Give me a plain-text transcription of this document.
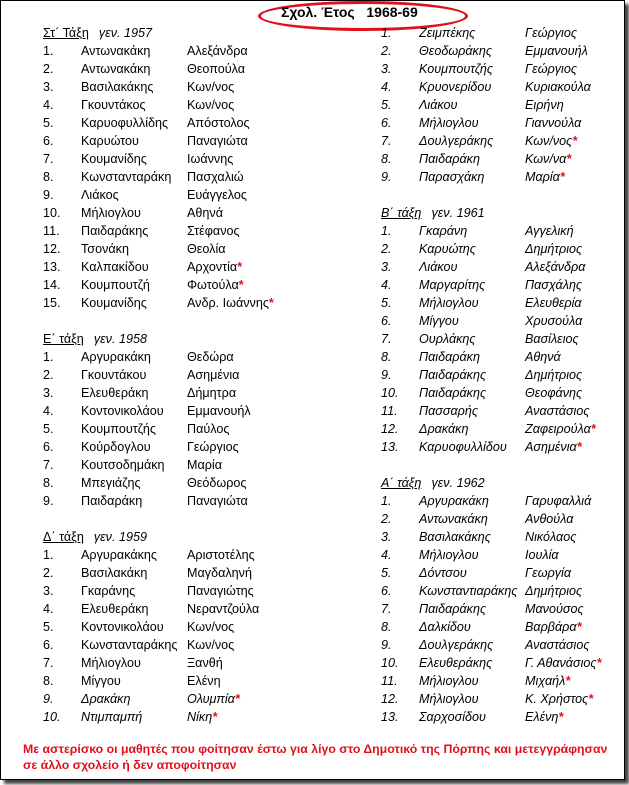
Σχολ. Έτος   1968-69
Στ΄ Τάξη γεν. 1957
1. Αντωνακάκη	Αλεξάνδρα
2. Αντωνακάκη	Θεοπούλα
3. Βασιλακάκης	Κων/νος
4. Γκουντάκος	Κων/νος
5. Καρυοφυλλίδης Απόστολος
6. Καρυώτου	Παναγιώτα
7. Κουμανίδης	Ιωάννης
8. Κωνστανταράκη Πασχαλιώ
9. Λιάκος	Ευάγγελος
10. Μήλιογλου	Αθηνά
11. Παιδαράκης	Στέφανος
12. Τσονάκη	Θεολία
13. Καλπακίδου	Αρχοντία*
14. Κουμπουτζή	Φωτούλα*
15. Κουμανίδης	Ανδρ. Ιωάννης*
Ε΄ τάξη γεν. 1958
1. Αργυρακάκη	Θεδώρα
2. Γκουντάκου	Ασημένια
3. Ελευθεράκη	Δήμητρα
4. Κοντονικολάου Εμμανουήλ
5. Κουμπουτζής Παύλος
6. Κούρδογλου	Γεώργιος
7. Κουτσοδημάκη Μαρία
8. Μπεγιάζης	Θεόδωρος
9. Παιδαράκη	Παναγιώτα
Δ΄ τάξη γεν. 1959
1. Αργυρακάκης Αριστοτέλης
2. Βασιλακάκη	Μαγδαληνή
3. Γκαράνης	Παναγιώτης
4. Ελευθεράκη	Νεραντζούλα
5. Κοντονικολάου Κων/νος
6. Κωνστανταράκης Κων/νος
7. Μήλιογλου	Ξανθή
8. Μίγγου	Ελένη
9. Δρακάκη	Ολυμπία*
10. Ντιμπαμπή	Νίκη*
1. Ζειμπέκης	Γεώργιος
2. Θεοδωράκης	Εμμανουήλ
3. Κουμπουτζής	Γεώργιος
4. Κρυονερίδου	Κυριακούλα
5. Λιάκου	Ειρήνη
6. Μήλιογλου	Γιαννούλα
7. Δουλγεράκης	Κων/νος*
8. Παιδαράκη	Κων/να*
9. Παρασχάκη	Μαρία*
Β΄ τάξη γεν. 1961
1. Γκαράνη	Αγγελική
2. Καρυώτης	Δημήτριος
3. Λιάκου	Αλεξάνδρα
4. Μαργαρίτης	Πασχάλης
5. Μήλιογλου	Ελευθερία
6. Μίγγου	Χρυσούλα
7. Ουρλάκης	Βασίλειος
8. Παιδαράκη	Αθηνά
9. Παιδαράκης	Δημήτριος
10. Παιδαράκης	Θεοφάνης
11. Πασσαρής	Αναστάσιος
12. Δρακάκη	Ζαφειρούλα*
13. Καρυοφυλλίδου Ασημένια*
Α΄ τάξη γεν. 1962
1. Αργυρακάκη	Γαρυφαλλιά
2. Αντωνακάκη	Ανθούλα
3. Βασιλακάκης	Νικόλαος
4. Μήλιογλου	Ιουλία
5. Δόντσου	Γεωργία
6. Κωνσταντιαράκης Δημήτριος
7. Παιδαράκης	Μανούσος
8. Δαλκίδου	Βαρβάρα*
9. Δουλγεράκης	Αναστάσιος
10. Ελευθεράκης	Γ. Αθανάσιος*
11. Μήλιογλου	Μιχαήλ*
12. Μήλιογλου	Κ. Χρήστος*
13. Σαρχοσίδου	Ελένη*
Με αστερίσκο οι μαθητές που φοίτησαν έστω για λίγο στο Δημοτικό της Πόρπης και μετεγγράφησαν σε άλλο σχολείο ή δεν αποφοίτησαν
